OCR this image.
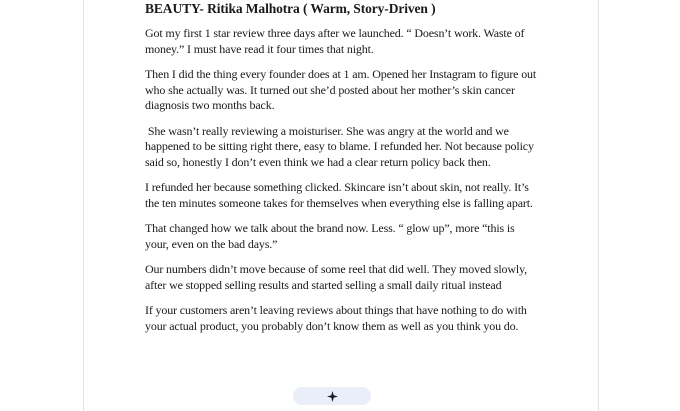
BEAUTY- Ritika Malhotra ( Warm, Story-Driven )

Got my first 1 star review three days after we launched. “ Doesn’t work. Waste of money.” I must have read it four times that night.

Then I did the thing every founder does at 1 am. Opened her Instagram to figure out who she actually was. It turned out she’d posted about her mother’s skin cancer diagnosis two months back.

She wasn’t really reviewing a moisturiser. She was angry at the world and we happened to be sitting right there, easy to blame. I refunded her. Not because policy said so, honestly I don’t even think we had a clear return policy back then.

I refunded her because something clicked. Skincare isn’t about skin, not really. It’s the ten minutes someone takes for themselves when everything else is falling apart.

That changed how we talk about the brand now. Less. “ glow up”, more “this is your, even on the bad days.”

Our numbers didn’t move because of some reel that did well. They moved slowly, after we stopped selling results and started selling a small daily ritual instead

If your customers aren’t leaving reviews about things that have nothing to do with your actual product, you probably don’t know them as well as you think you do.
